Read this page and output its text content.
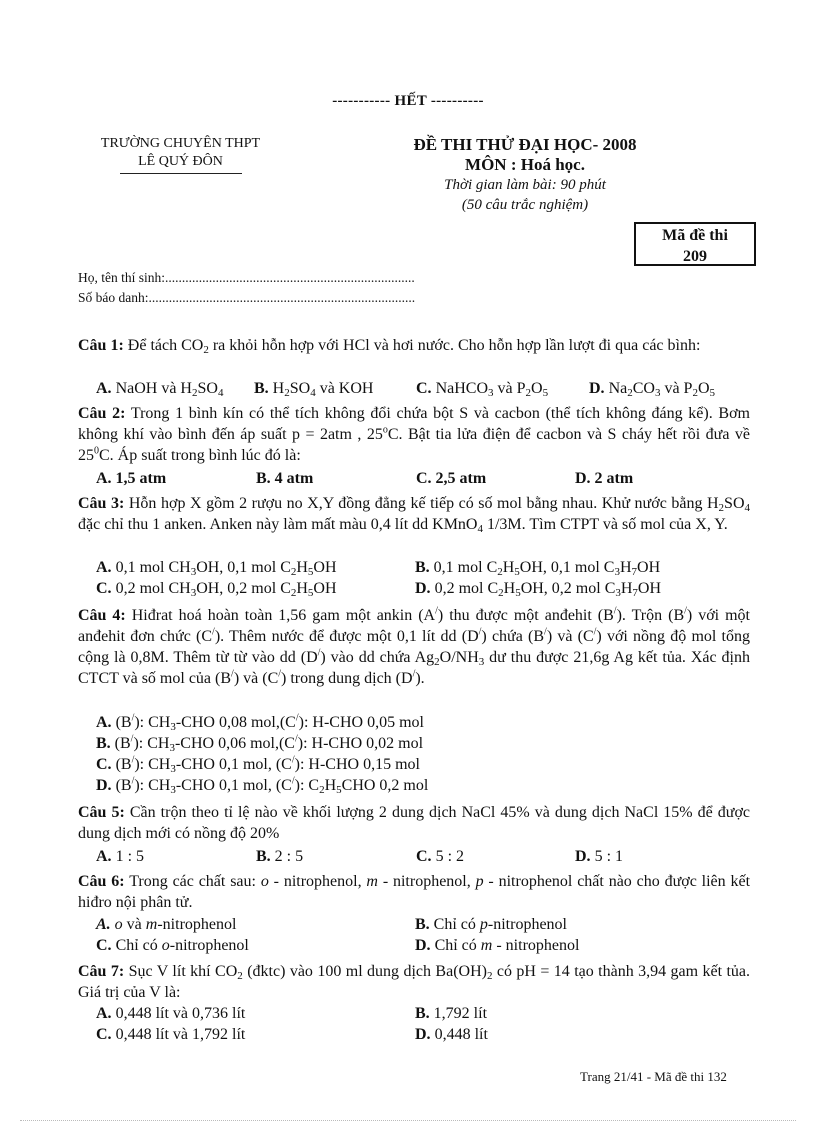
----------- HẾT ----------
TRƯỜNG CHUYÊN THPT
LÊ QUÝ ĐÔN
ĐỀ THI THỬ ĐẠI HỌC- 2008
MÔN : Hoá học.
Thời gian làm bài: 90 phút
(50 câu trắc nghiệm)
Mã đề thi
209
Họ, tên thí sinh:..........................................................................
Số báo danh:...............................................................................
Câu 1: Để tách $CO_2$ ra khỏi hỗn hợp với HCl và hơi nước. Cho hỗn hợp lần lượt đi qua các bình:
A. NaOH và $H_2SO_4$ B. $H_2SO_4$ và KOH	C. NaHCO$_3$ và $P_2O_5$	D. $Na_2CO_3$ và $P_2O_5$
Câu 2: Trong 1 bình kín có thể tích không đổi chứa bột S và cacbon (thể tích không đáng kể). Bơm không khí vào bình đến áp suất p = 2atm , 25$^o$C. Bật tia lửa điện để cacbon và S cháy hết rồi đưa về $25^0C$. Áp suất trong bình lúc đó là:
A. 1,5 atm	B. 4 atm	C. 2,5 atm	D. 2 atm
Câu 3: Hỗn hợp X gồm 2 rượu no X,Y đồng đẳng kế tiếp có số mol bằng nhau. Khử nước bằng $H_2SO_4$ đặc chỉ thu 1 anken. Anken này làm mất màu 0,4 lít dd KMnO$_4$ 1/3M. Tìm CTPT và số mol của X, Y.
A. 0,1 mol $CH_3OH$, 0,1 mol $C_2H_5OH$	B. 0,1 mol $C_2H_5OH$, 0,1 mol $C_3H_7OH$
C. 0,2 mol $CH_3OH$, 0,2 mol $C_2H_5OH$	D. 0,2 mol $C_2H_5OH$, 0,2 mol $C_3H_7OH$
Câu 4: Hiđrat hoá hoàn toàn 1,56 gam một ankin (A/) thu được một anđehit (B/). Trộn (B/) với một anđehit đơn chức (C/). Thêm nước để được một 0,1 lít dd (D/) chứa (B/) và (C/) với nồng độ mol tổng cộng là 0,8M. Thêm từ từ vào dd (D/) vào dd chứa $Ag_2O/NH_3$ dư thu được 21,6g Ag kết tủa. Xác định CTCT và số mol của (B/) và (C/) trong dung dịch (D/).
A. (B/): $CH_3$-CHO 0,08 mol,(C/): H-CHO 0,05 mol
B. (B/): $CH_3$-CHO 0,06 mol,(C/): H-CHO 0,02 mol
C. (B/): $CH_3$-CHO 0,1 mol, (C/): H-CHO 0,15 mol
D. (B/): $CH_3$-CHO 0,1 mol, (C/): $C_2H_5CHO$ 0,2 mol
Câu 5: Cần trộn theo tỉ lệ nào về khối lượng 2 dung dịch NaCl 45% và dung dịch NaCl 15% để được dung dịch mới có nồng độ 20%
A. 1 : 5	B. 2 : 5	C. 5 : 2	D. 5 : 1
Câu 6: Trong các chất sau: o - nitrophenol, m - nitrophenol, p - nitrophenol chất nào cho được liên kết hiđro nội phân tử.
A. o và m-nitrophenol	B. Chỉ có p-nitrophenol
C. Chỉ có o-nitrophenol	D. Chỉ có m - nitrophenol
Câu 7: Sục V lít khí $CO_2$ (đktc) vào 100 ml dung dịch $Ba(OH)_2$ có pH = 14 tạo thành 3,94 gam kết tủa. Giá trị của V là:
A. 0,448 lít và 0,736 lít	B. 1,792 lít
C. 0,448 lít và 1,792 lít	D. 0,448 lít
Trang 21/41 - Mã đề thi 132
